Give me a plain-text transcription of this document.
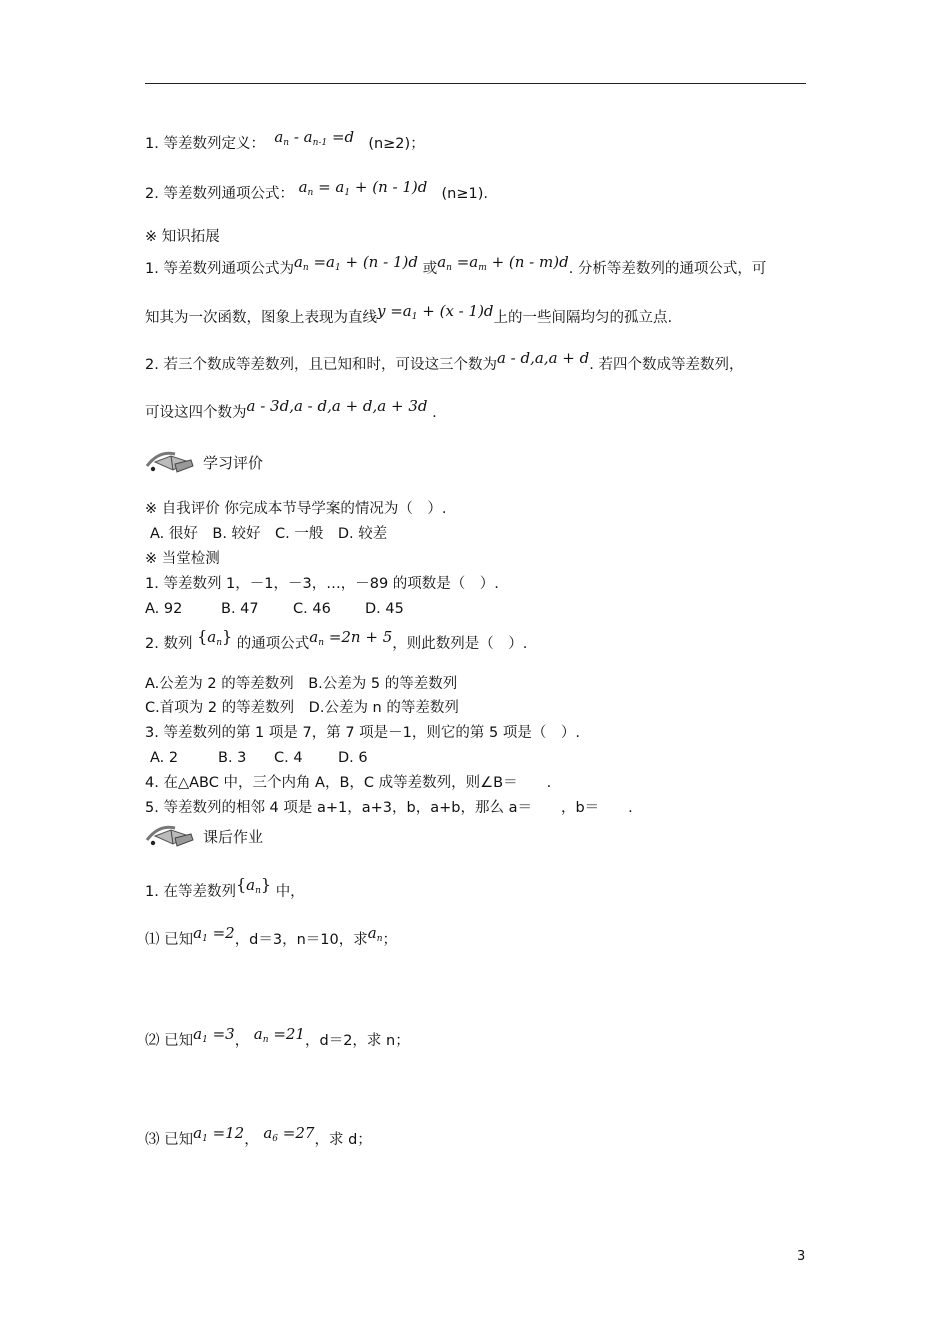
1. 等差数列定义：  $a_n - a_{n-1} =d$   (n≥2)；
2. 等差数列通项公式： $a_n = a_1 + (n - 1)d$   (n≥1).
※ 知识拓展
1. 等差数列通项公式为$a_n =a_1 + (n - 1)d$ 或$a_n =a_m + (n - m)d$. 分析等差数列的通项公式，可
知其为一次函数，图象上表现为直线$y =a_1 + (x - 1)d$上的一些间隔均匀的孤立点.
2. 若三个数成等差数列，且已知和时，可设这三个数为a - d,a,a + d. 若四个数成等差数列，
可设这四个数为a - 3d,a - d,a + d,a + 3d .
学习评价
※ 自我评价 你完成本节导学案的情况为（　）.
A. 很好　B. 较好　C. 一般　D. 较差
※ 当堂检测
1. 等差数列 1，－1，－3，…，－89 的项数是（　）.
A. 92	B. 47 C. 46 D. 45
2. 数列 $\{a_n\}$ 的通项公式$a_n =2n + 5$，则此数列是（　）.
A.公差为 2 的等差数列　B.公差为 5 的等差数列
C.首项为 2 的等差数列　D.公差为 n 的等差数列
3. 等差数列的第 1 项是 7，第 7 项是－1，则它的第 5 项是（　）.
A. 2	B. 3 C. 4 D. 6
4. 在△ABC 中，三个内角 A，B，C 成等差数列，则∠B＝　　.
5. 等差数列的相邻 4 项是 a+1，a+3，b，a+b，那么 a＝　　，b＝　　.
课后作业
1. 在等差数列$\{a_n\}$ 中，
⑴ 已知$a_1 =2$，d＝3，n＝10，求$a_n$；
⑵ 已知$a_1 =3$， $a_n =21$，d＝2，求 n；
⑶ 已知$a_1 =12$， $a_6 =27$，求 d；
3
